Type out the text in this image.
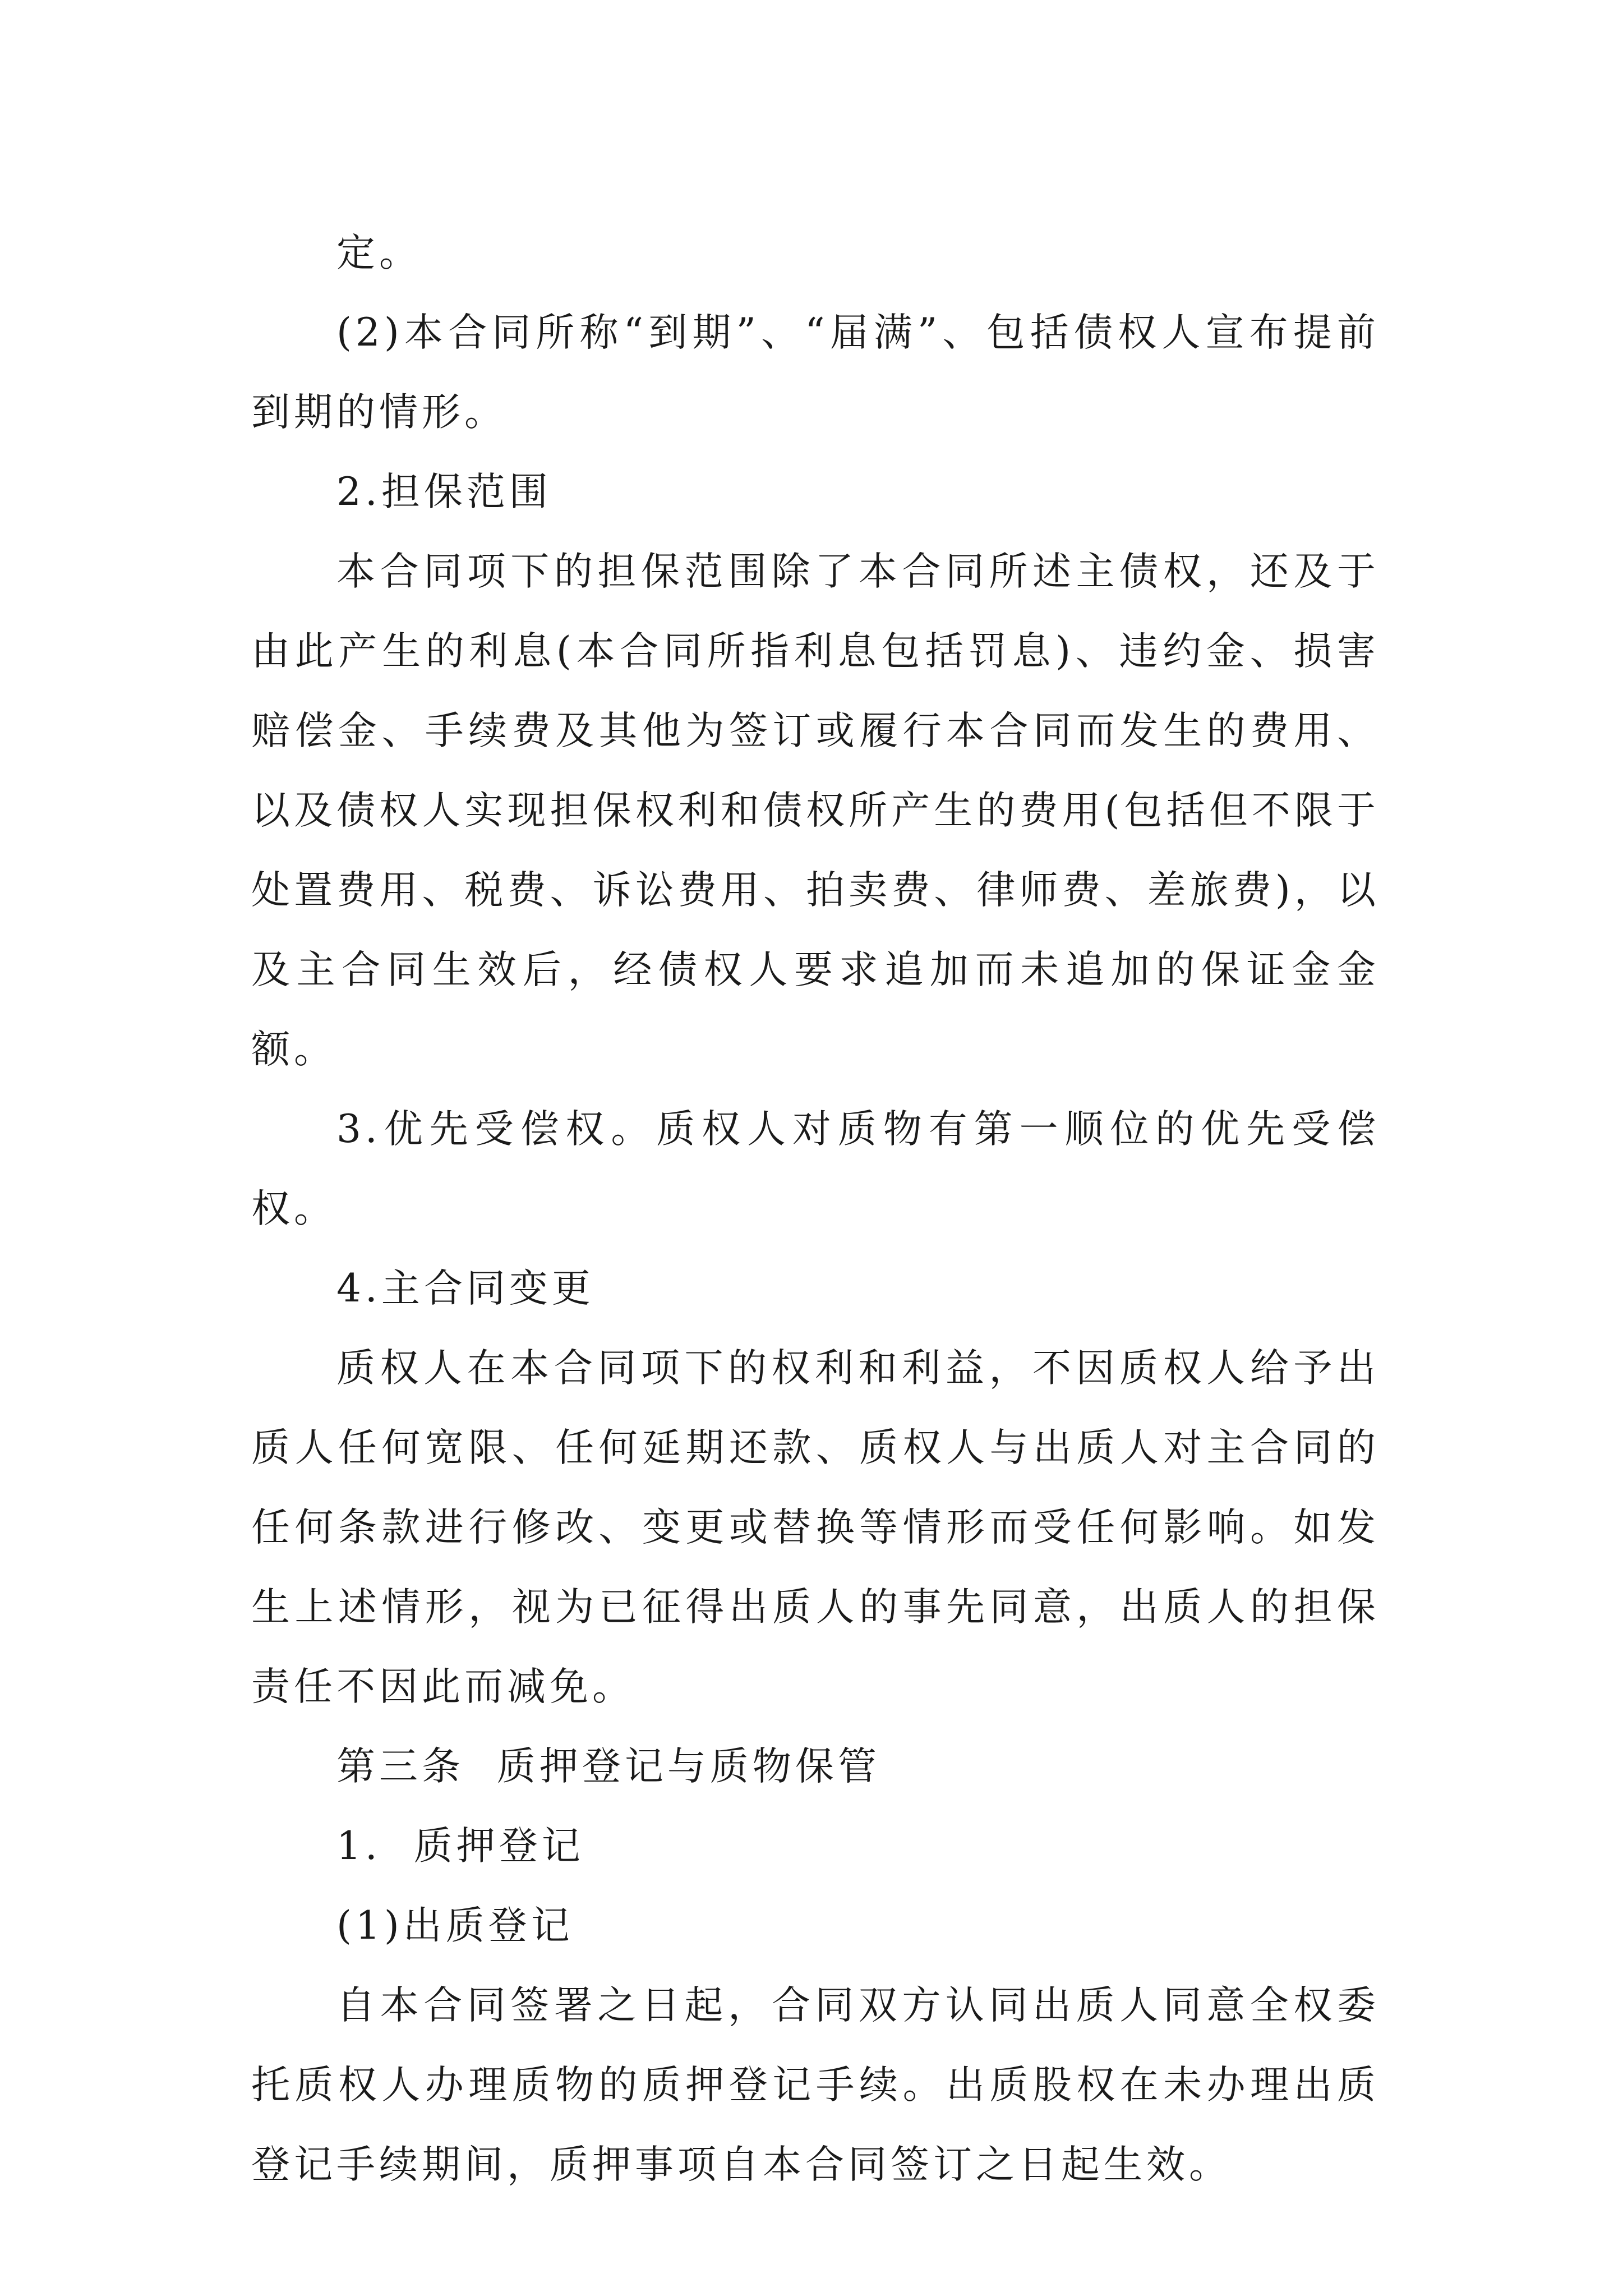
定。

(2)本合同所称“到期”、“届满”、包括债权人宣布提前到期的情形。

2.担保范围

本合同项下的担保范围除了本合同所述主债权，还及于由此产生的利息(本合同所指利息包括罚息)、违约金、损害赔偿金、手续费及其他为签订或履行本合同而发生的费用、以及债权人实现担保权利和债权所产生的费用(包括但不限于处置费用、税费、诉讼费用、拍卖费、律师费、差旅费)，以及主合同生效后，经债权人要求追加而未追加的保证金金额。

3.优先受偿权。质权人对质物有第一顺位的优先受偿权。

4.主合同变更

质权人在本合同项下的权利和利益，不因质权人给予出质人任何宽限、任何延期还款、质权人与出质人对主合同的任何条款进行修改、变更或替换等情形而受任何影响。如发生上述情形，视为已征得出质人的事先同意，出质人的担保责任不因此而减免。

第三条  质押登记与质物保管

1.  质押登记

(1)出质登记

自本合同签署之日起，合同双方认同出质人同意全权委托质权人办理质物的质押登记手续。出质股权在未办理出质登记手续期间，质押事项自本合同签订之日起生效。
